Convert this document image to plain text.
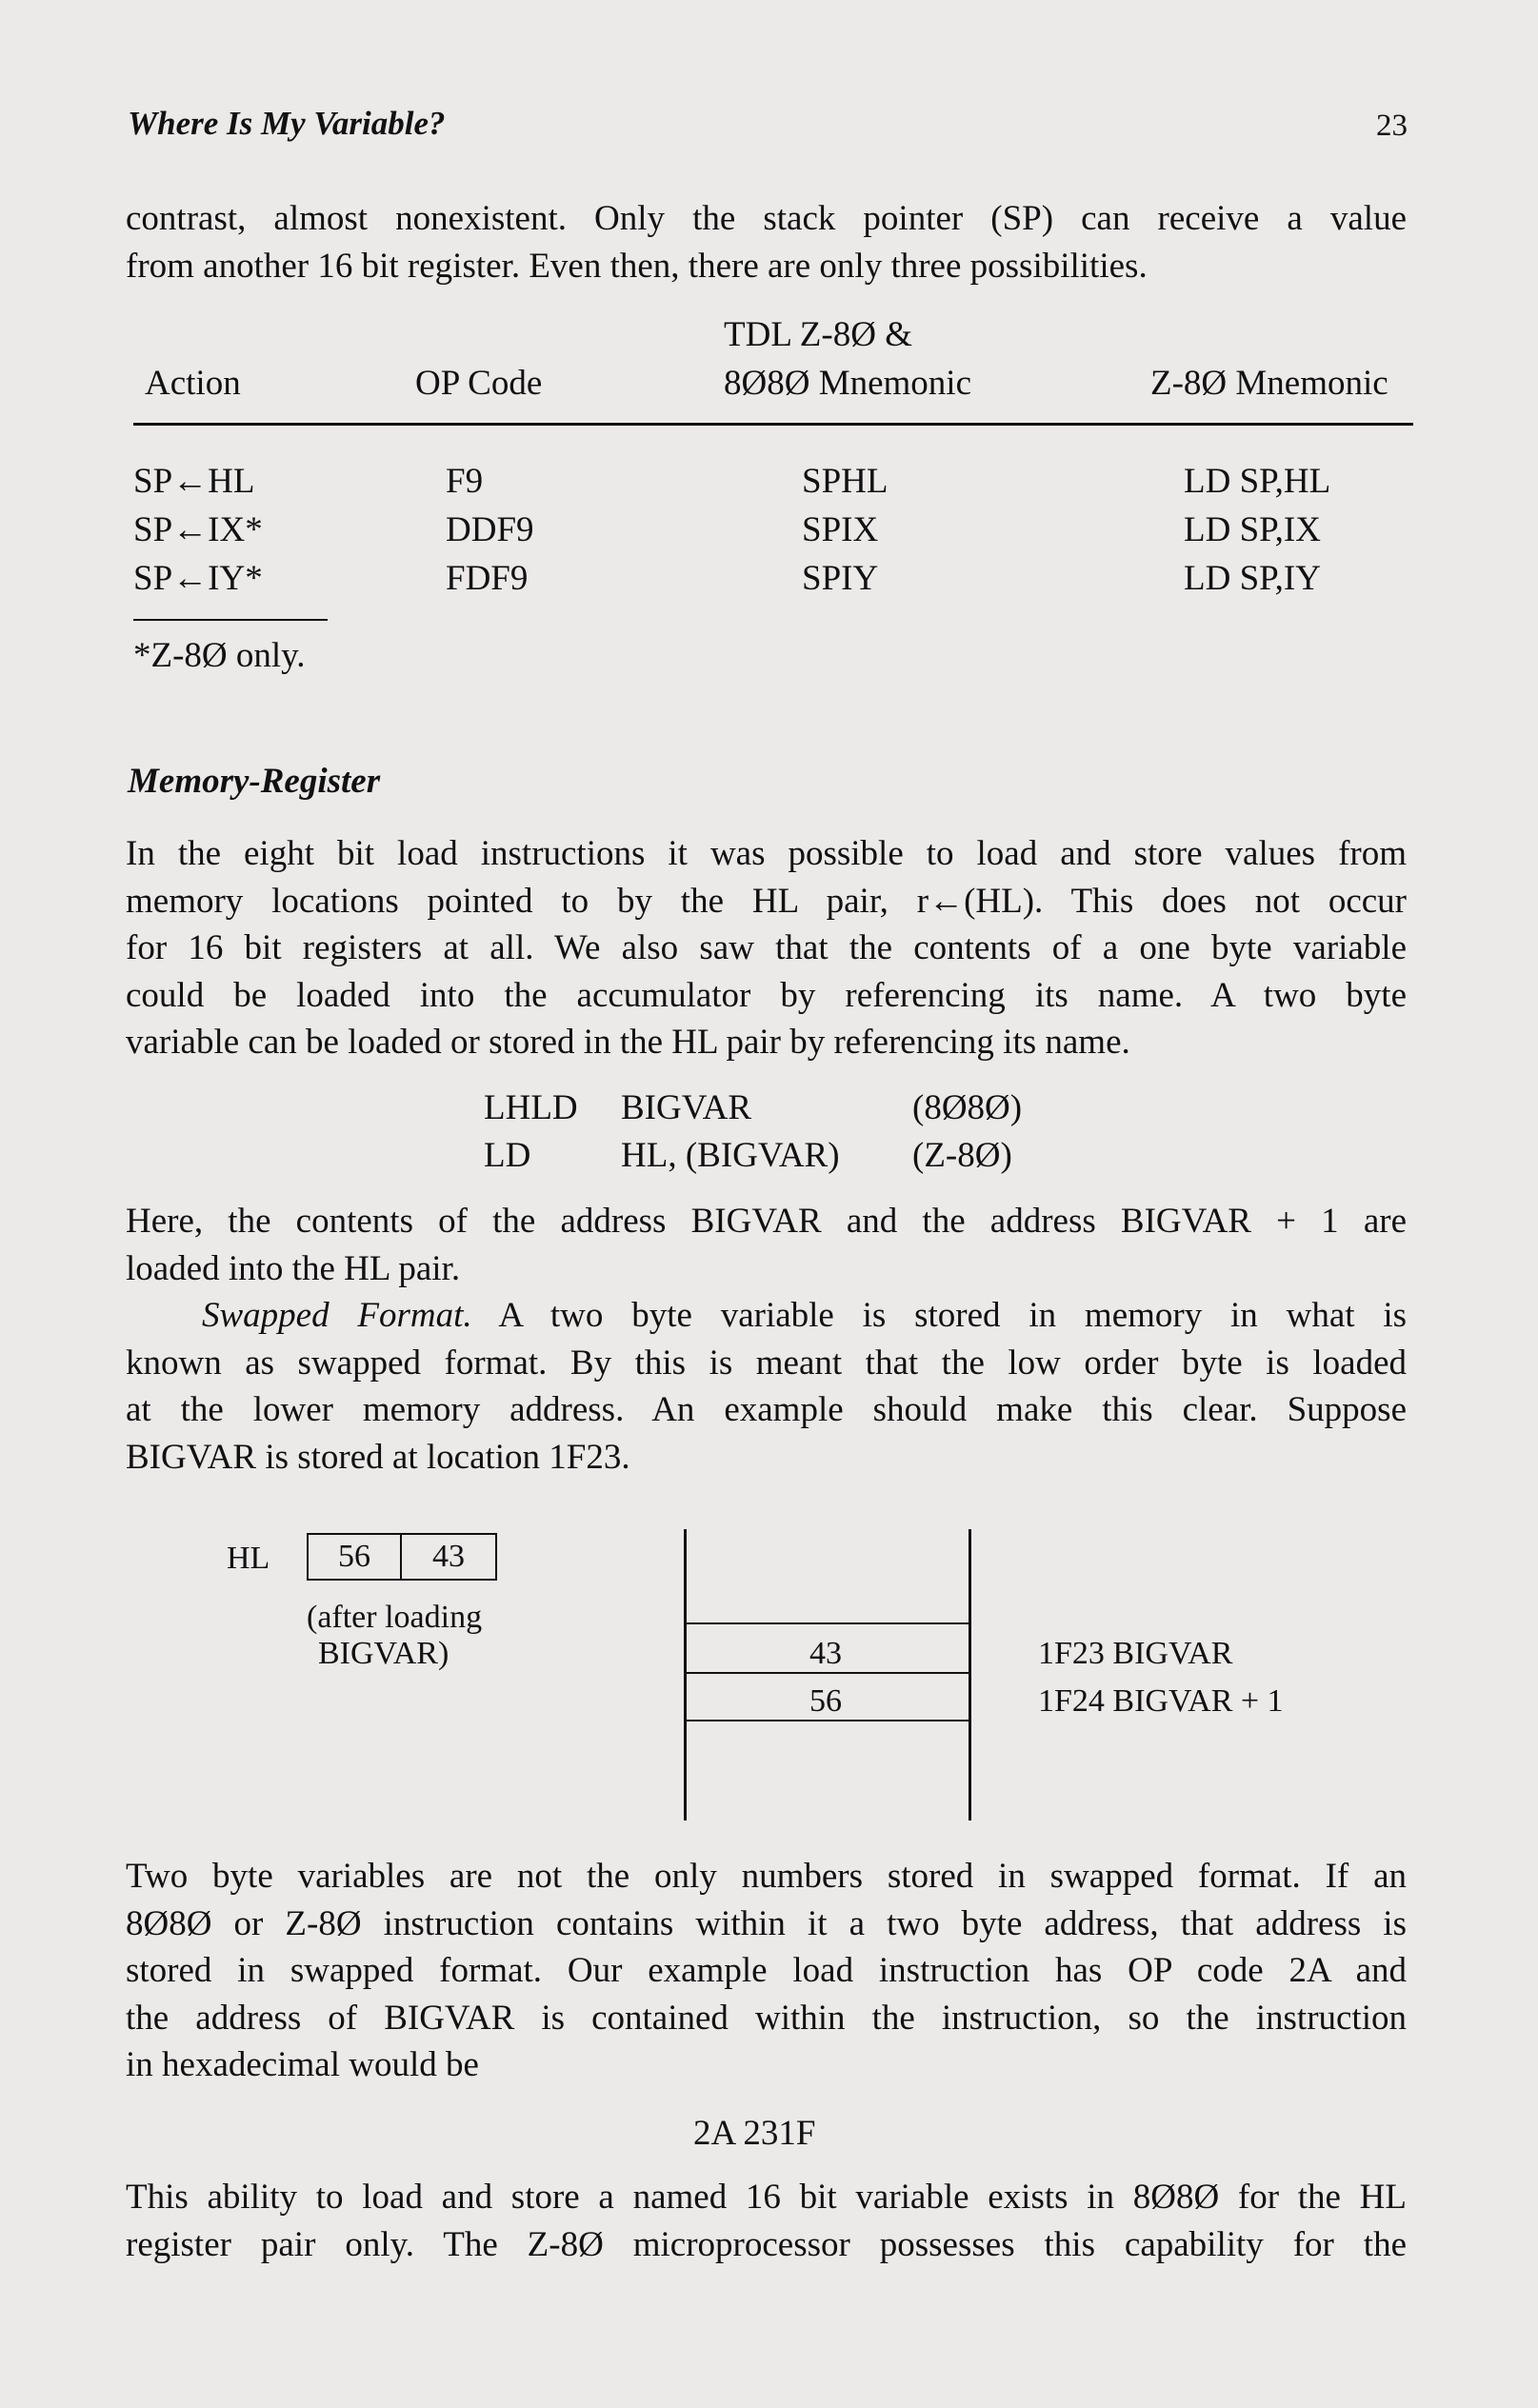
Where Is My Variable?	23
contrast, almost nonexistent. Only the stack pointer (SP) can receive a value
from another 16 bit register. Even then, there are only three possibilities.
TDL Z-8Ø &
Action	OP Code	8Ø8Ø Mnemonic	Z-8Ø Mnemonic
SP←HL	F9	SPHL	LD SP,HL
SP←IX*	DDF9	SPIX	LD SP,IX
SP←IY*	FDF9	SPIY	LD SP,IY
*Z-8Ø only.
Memory-Register
In the eight bit load instructions it was possible to load and store values from
memory locations pointed to by the HL pair, r←(HL). This does not occur
for 16 bit registers at all. We also saw that the contents of a one byte variable
could be loaded into the accumulator by referencing its name. A two byte
variable can be loaded or stored in the HL pair by referencing its name.
LHLD BIGVAR	(8Ø8Ø)
LD	HL, (BIGVAR) (Z-8Ø)
Here, the contents of the address BIGVAR and the address BIGVAR + 1 are
loaded into the HL pair.
Swapped Format. A two byte variable is stored in memory in what is
known as swapped format. By this is meant that the low order byte is loaded
at the lower memory address. An example should make this clear. Suppose
BIGVAR is stored at location 1F23.
HL	56	43
(after loading
BIGVAR)	43
56
1F23 BIGVAR
1F24 BIGVAR + 1
Two byte variables are not the only numbers stored in swapped format. If an
8Ø8Ø or Z-8Ø instruction contains within it a two byte address, that address is
stored in swapped format. Our example load instruction has OP code 2A and
the address of BIGVAR is contained within the instruction, so the instruction
in hexadecimal would be
2A 231F
This ability to load and store a named 16 bit variable exists in 8Ø8Ø for the HL
register pair only. The Z-8Ø microprocessor possesses this capability for the
